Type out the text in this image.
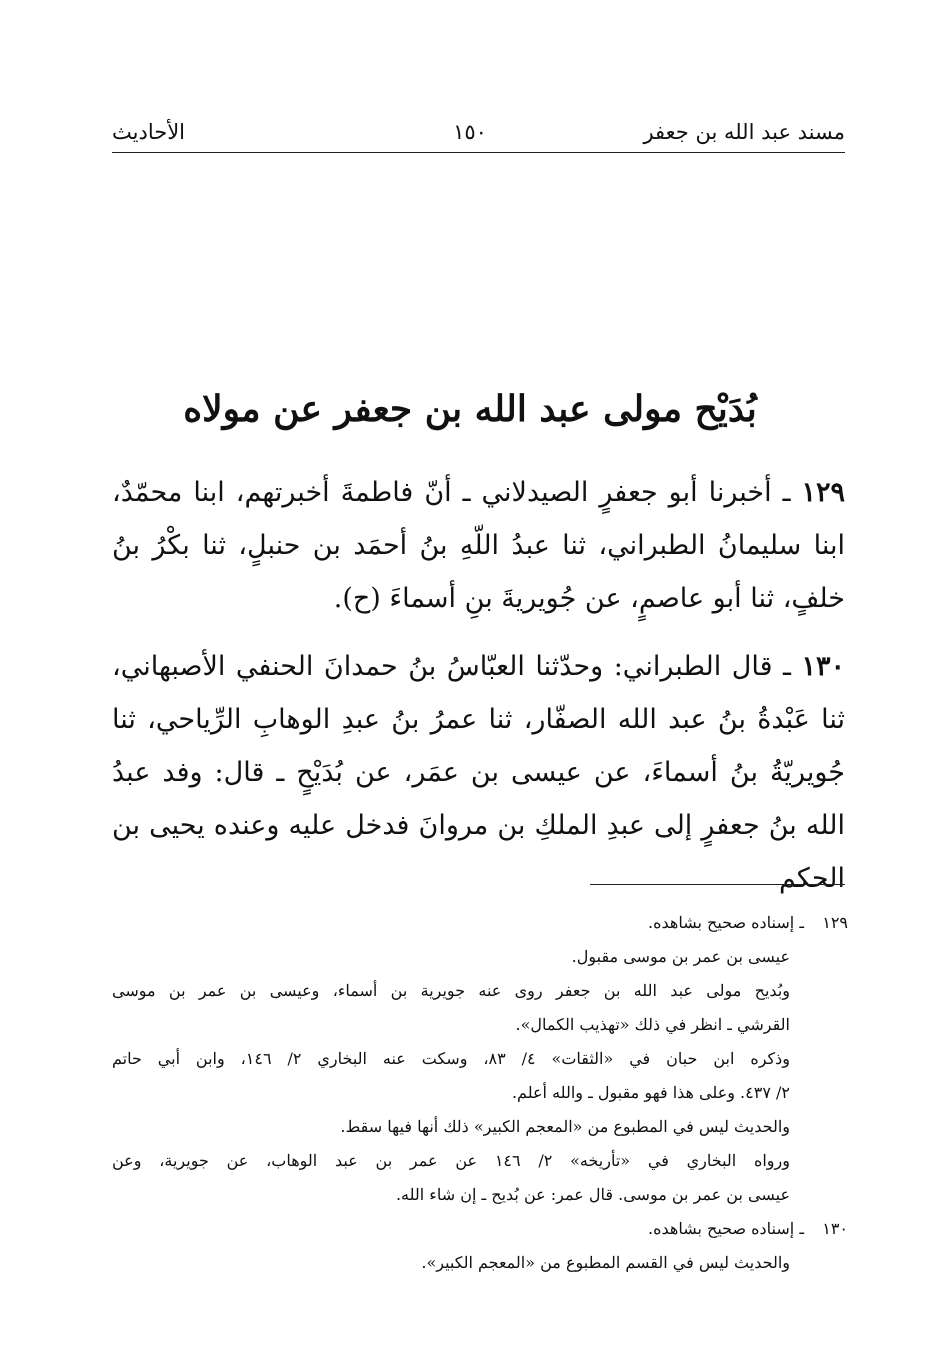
مسند عبد الله بن جعفر
١٥٠
الأحاديث
بُدَيْح مولى عبد الله بن جعفر عن مولاه

١٢٩ ـ أخبرنا أبو جعفرٍ الصيدلاني ـ أنّ فاطمةَ أخبرتهم، ابنا محمّدٌ، ابنا سليمانُ الطبراني، ثنا عبدُ اللّهِ بنُ أحمَد بن حنبلٍ، ثنا بكْرُ بنُ خلفٍ، ثنا أبو عاصمٍ، عن جُويريةَ بنِ أسماءَ (ح).

١٣٠ ـ قال الطبراني: وحدّثنا العبّاسُ بنُ حمدانَ الحنفي الأصبهاني، ثنا عَبْدةُ بنُ عبد الله الصفّار، ثنا عمرُ بنُ عبدِ الوهابِ الرِّياحي، ثنا جُويريّةُ بنُ أسماءَ، عن عيسى بن عمَر، عن بُدَيْحٍ ـ قال: وفد عبدُ الله بنُ جعفرٍ إلى عبدِ الملكِ بن مروانَ فدخل عليه وعنده يحيى بن الحكم

١٢٩ـ إسناده صحيح بشاهده.

عيسى بن عمر بن موسى مقبول.

وبُديح مولى عبد الله بن جعفر روى عنه جويرية بن أسماء، وعيسى بن عمر بن موسى

القرشي ـ انظر في ذلك «تهذيب الكمال».

وذكره ابن حبان في «الثقات» ٤/ ٨٣، وسكت عنه البخاري ٢/ ١٤٦، وابن أبي حاتم

٢/ ٤٣٧. وعلى هذا فهو مقبول ـ والله أعلم.

والحديث ليس في المطبوع من «المعجم الكبير» ذلك أنها فيها سقط.

ورواه البخاري في «تأريخه» ٢/ ١٤٦ عن عمر بن عبد الوهاب، عن جويرية، وعن

عيسى بن عمر بن موسى. قال عمر: عن بُديح ـ إن شاء الله.

١٣٠ـ إسناده صحيح بشاهده.

والحديث ليس في القسم المطبوع من «المعجم الكبير».
